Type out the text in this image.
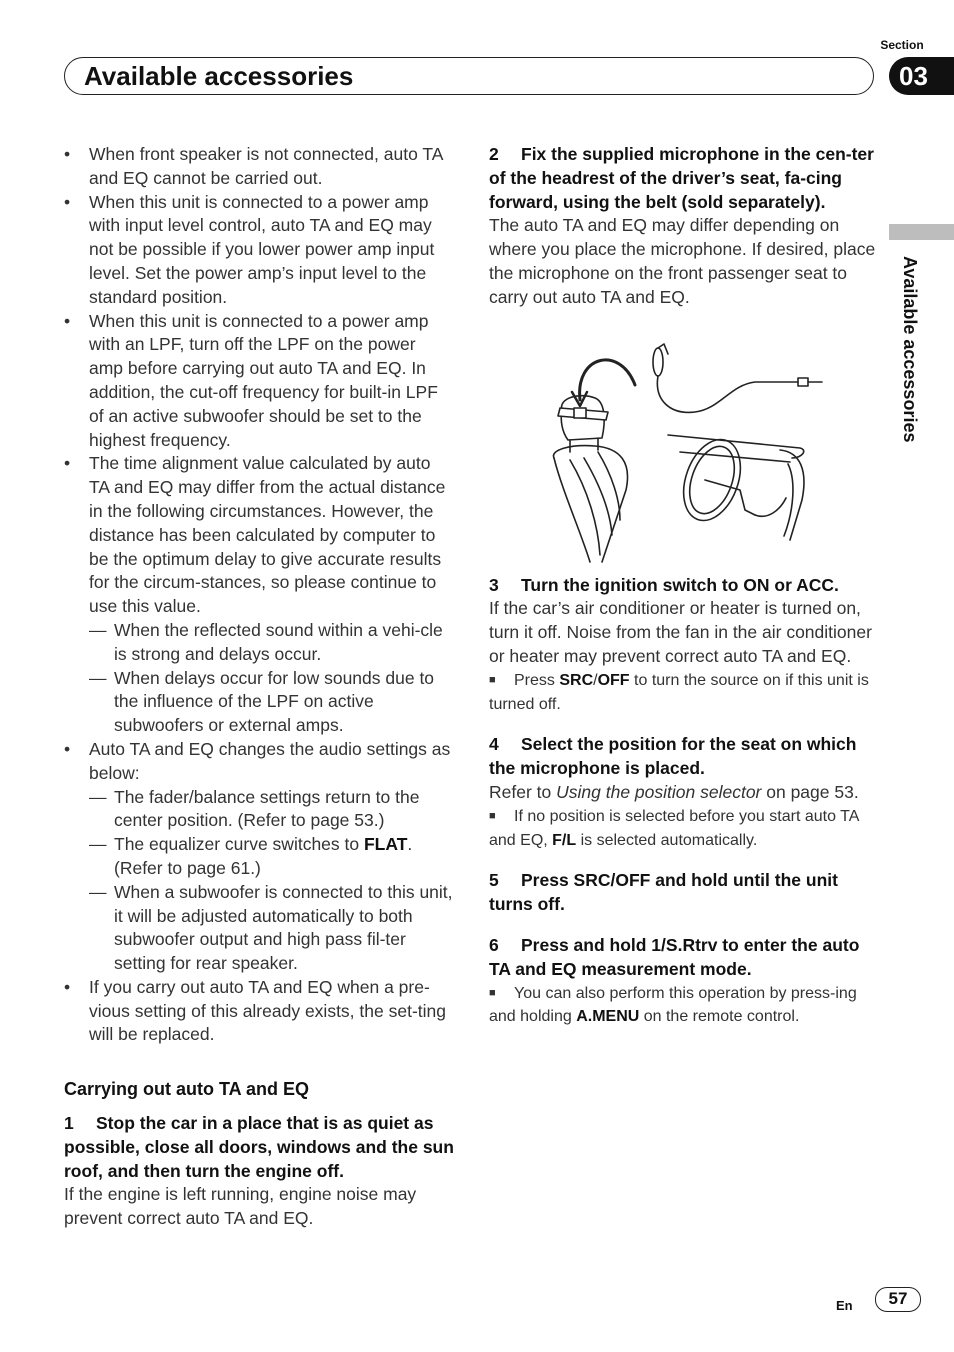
Available accessories
Section
03
Available accessories
•	When front speaker is not connected, auto TA and EQ cannot be carried out.
•	When this unit is connected to a power amp with input level control, auto TA and EQ may not be possible if you lower power amp input level. Set the power amp’s input level to the standard position.
•	When this unit is connected to a power amp with an LPF, turn off the LPF on the power amp before carrying out auto TA and EQ. In addition, the cut-off frequency for built-in LPF of an active subwoofer should be set to the highest frequency.
•	The time alignment value calculated by auto TA and EQ may differ from the actual distance in the following circumstances. However, the distance has been calculated by computer to be the optimum delay to give accurate results for the circum-stances, so please continue to use this value.
— When the reflected sound within a vehi-cle is strong and delays occur.
— When delays occur for low sounds due to the influence of the LPF on active subwoofers or external amps.
•	Auto TA and EQ changes the audio settings as below:
— The fader/balance settings return to the center position. (Refer to page 53.)
— The equalizer curve switches to FLAT. (Refer to page 61.)
— When a subwoofer is connected to this unit, it will be adjusted automatically to both subwoofer output and high pass fil-ter setting for rear speaker.
•	If you carry out auto TA and EQ when a pre-vious setting of this already exists, the set-ting will be replaced.

Carrying out auto TA and EQ

1 Stop the car in a place that is as quiet as possible, close all doors, windows and the sun roof, and then turn the engine off.

If the engine is left running, engine noise may prevent correct auto TA and EQ.

2 Fix the supplied microphone in the cen-ter of the headrest of the driver’s seat, fa-cing forward, using the belt (sold separately).

The auto TA and EQ may differ depending on where you place the microphone. If desired, place the microphone on the front passenger seat to carry out auto TA and EQ.

3 Turn the ignition switch to ON or ACC.

If the car’s air conditioner or heater is turned on, turn it off. Noise from the fan in the air conditioner or heater may prevent correct auto TA and EQ.

■ Press SRC/OFF to turn the source on if this unit is turned off.

4 Select the position for the seat on which the microphone is placed.

Refer to Using the position selector on page 53.

■ If no position is selected before you start auto TA and EQ, F/L is selected automatically.

5 Press SRC/OFF and hold until the unit turns off.

6 Press and hold 1/S.Rtrv to enter the auto TA and EQ measurement mode.

■ You can also perform this operation by press-ing and holding A.MENU on the remote control.

En	57
